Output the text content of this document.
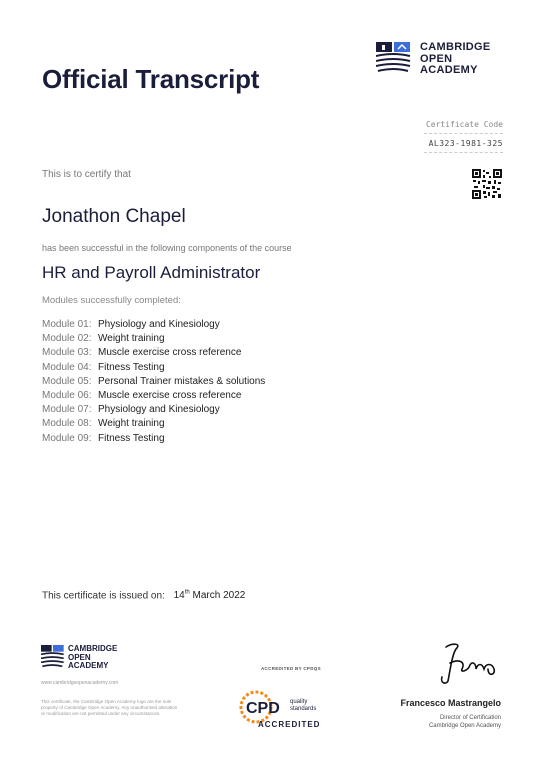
Official Transcript
CAMBRIDGE
OPEN
ACADEMY
Certificate Code
AL323-1981-325
This is to certify that
Jonathon Chapel
has been successful in the following components of the course
HR and Payroll Administrator
Modules successfully completed:
Module 01: Physiology and Kinesiology
Module 02: Weight training
Module 03: Muscle exercise cross reference
Module 04: Fitness Testing
Module 05: Personal Trainer mistakes & solutions
Module 06: Muscle exercise cross reference
Module 07: Physiology and Kinesiology
Module 08: Weight training
Module 09: Fitness Testing
This certificate is issued on: 14th March 2022
CAMBRIDGE
OPEN
ACADEMY
www.cambridgeopenacademy.com
This certificate, the Cambridge Open Academy logo are the sole property of Cambridge Open Academy. Any unauthorised alteration or modification are not permitted under any circumstances.
ACCREDITED BY CPDQS
CPD quality
standards
ACCREDITED
Francesco Mastrangelo
Director of Certification
Cambridge Open Academy
